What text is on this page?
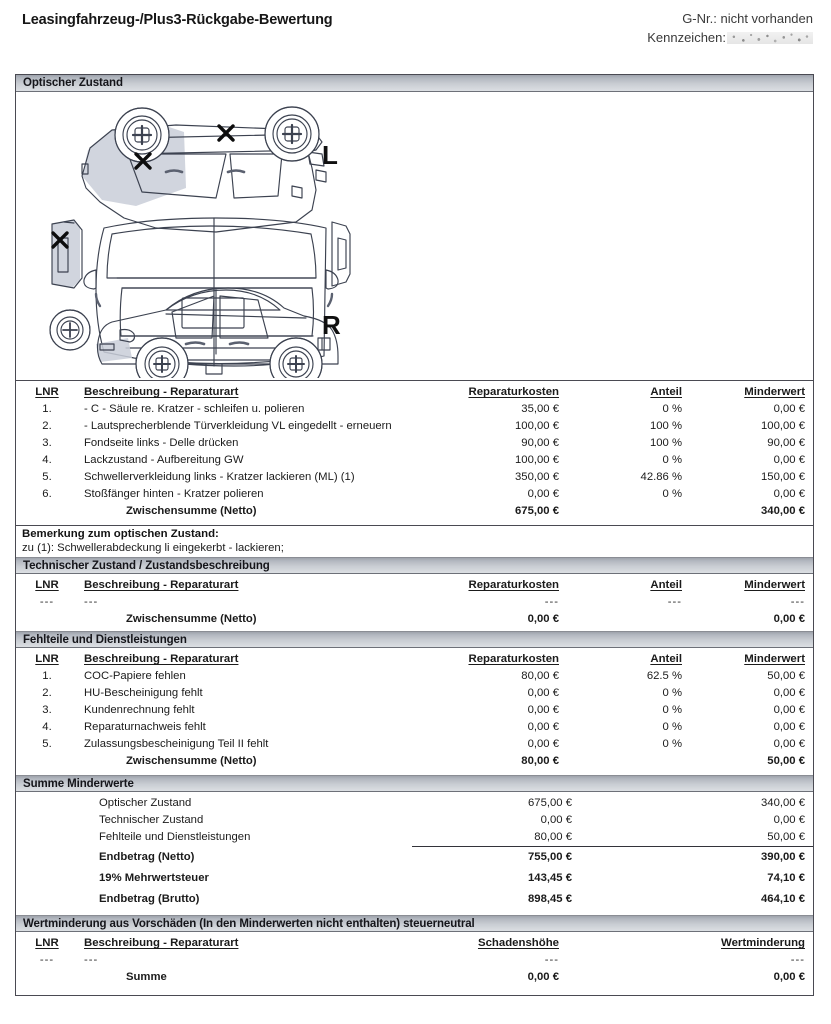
Leasingfahrzeug-/Plus3-Rückgabe-Bewertung	G-Nr.: nicht vorhanden
Kennzeichen:
Optischer Zustand
L
R
LNR	Beschreibung - Reparaturart	Reparaturkosten	Anteil	Minderwert
1.	- C - Säule re. Kratzer - schleifen u. polieren	35,00 €	0 %	0,00 €
2.	- Lautsprecherblende Türverkleidung VL eingedellt - erneuern	100,00 €	100 %	100,00 €
3.	Fondseite links - Delle drücken	90,00 €	100 %	90,00 €
4.	Lackzustand - Aufbereitung GW	100,00 €	0 %	0,00 €
5.	Schwellerverkleidung links - Kratzer lackieren (ML) (1)	350,00 €	42.86 %	150,00 €
6.	Stoßfänger hinten - Kratzer polieren	0,00 €	0 %	0,00 €
	Zwischensumme (Netto)	675,00 €		340,00 €
Bemerkung zum optischen Zustand:
zu (1): Schwellerabdeckung li eingekerbt - lackieren;
Technischer Zustand / Zustandsbeschreibung
LNR	Beschreibung - Reparaturart	Reparaturkosten	Anteil	Minderwert
---	---	---	---	---
	Zwischensumme (Netto)	0,00 €		0,00 €
Fehlteile und Dienstleistungen
LNR	Beschreibung - Reparaturart	Reparaturkosten	Anteil	Minderwert
1.	COC-Papiere fehlen	80,00 €	62.5 %	50,00 €
2.	HU-Bescheinigung fehlt	0,00 €	0 %	0,00 €
3.	Kundenrechnung fehlt	0,00 €	0 %	0,00 €
4.	Reparaturnachweis fehlt	0,00 €	0 %	0,00 €
5.	Zulassungsbescheinigung Teil II fehlt	0,00 €	0 %	0,00 €
	Zwischensumme (Netto)	80,00 €		50,00 €
Summe Minderwerte
Optischer Zustand	675,00 €		340,00 €
Technischer Zustand	0,00 €		0,00 €
Fehlteile und Dienstleistungen	80,00 €		50,00 €
Endbetrag (Netto)	755,00 €		390,00 €
19% Mehrwertsteuer	143,45 €		74,10 €
Endbetrag (Brutto)	898,45 €		464,10 €
Wertminderung aus Vorschäden (In den Minderwerten nicht enthalten) steuerneutral
LNR	Beschreibung - Reparaturart	Schadenshöhe		Wertminderung
---	---	---		---
	Summe	0,00 €		0,00 €
